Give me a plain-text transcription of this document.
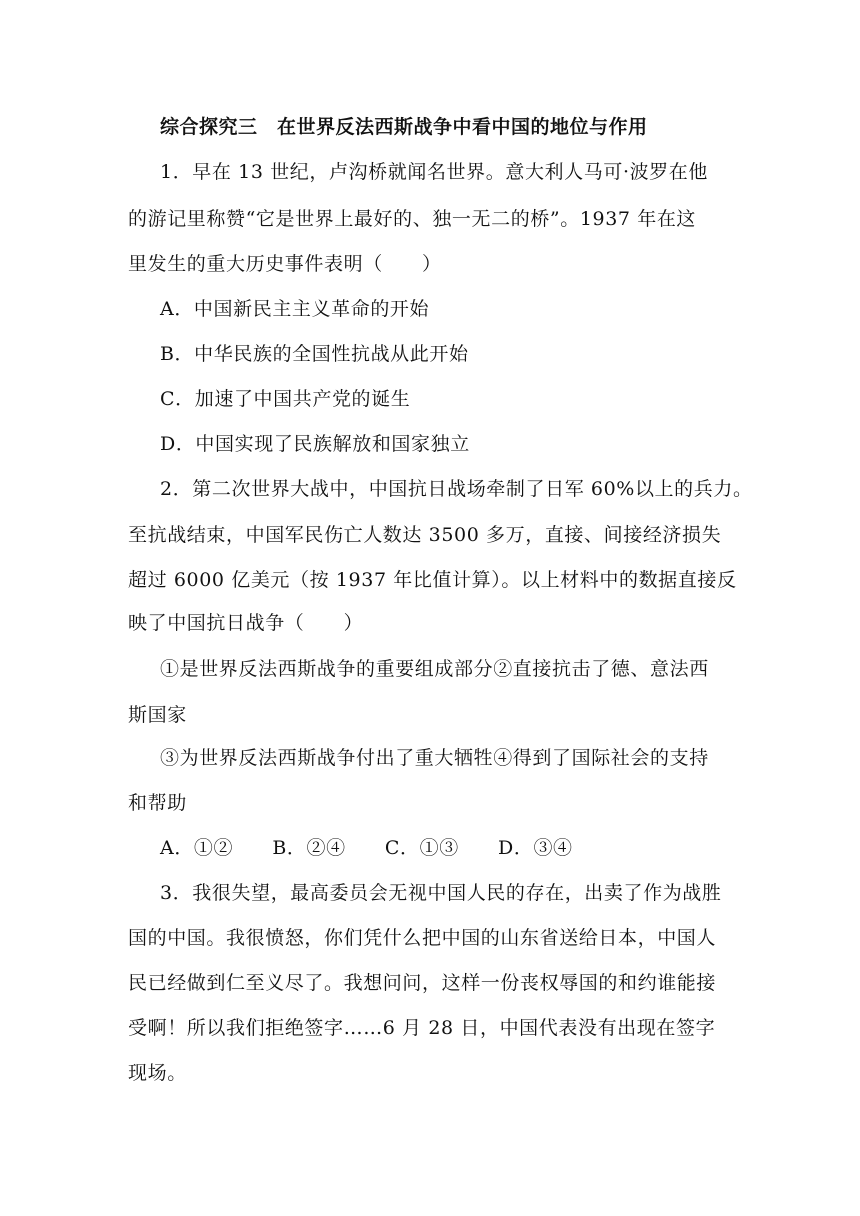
综合探究三　在世界反法西斯战争中看中国的地位与作用
1．早在 13 世纪，卢沟桥就闻名世界。意大利人马可·波罗在他
的游记里称赞“它是世界上最好的、独一无二的桥”。1937 年在这
里发生的重大历史事件表明（　　）
A．中国新民主主义革命的开始
B．中华民族的全国性抗战从此开始
C．加速了中国共产党的诞生
D．中国实现了民族解放和国家独立
2．第二次世界大战中，中国抗日战场牵制了日军 60%以上的兵力。
至抗战结束，中国军民伤亡人数达 3500 多万，直接、间接经济损失
超过 6000 亿美元（按 1937 年比值计算）。以上材料中的数据直接反
映了中国抗日战争（　　）
①是世界反法西斯战争的重要组成部分②直接抗击了德、意法西
斯国家
③为世界反法西斯战争付出了重大牺牲④得到了国际社会的支持
和帮助
A．①②　　B．②④　　C．①③　　D．③④
3．我很失望，最高委员会无视中国人民的存在，出卖了作为战胜
国的中国。我很愤怒，你们凭什么把中国的山东省送给日本，中国人
民已经做到仁至义尽了。我想问问，这样一份丧权辱国的和约谁能接
受啊！所以我们拒绝签字……6 月 28 日，中国代表没有出现在签字
现场。
